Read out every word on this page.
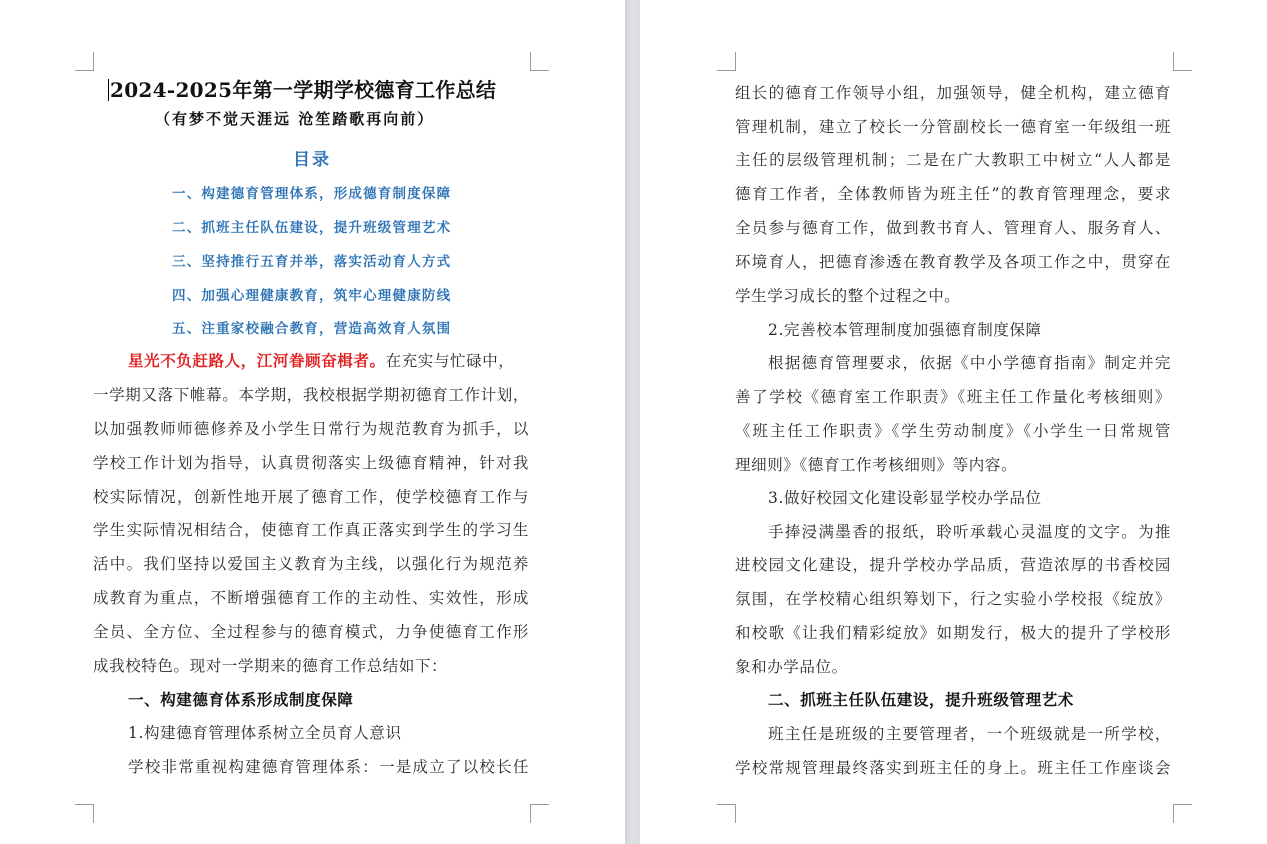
2024-2025年第一学期学校德育工作总结
（有梦不觉天涯远 沧笙踏歌再向前）
目录
一、构建德育管理体系，形成德育制度保障
二、抓班主任队伍建设，提升班级管理艺术
三、坚持推行五育并举，落实活动育人方式
四、加强心理健康教育，筑牢心理健康防线
五、注重家校融合教育，营造高效育人氛围
星光不负赶路人，江河眷顾奋楫者。在充实与忙碌中，
一学期又落下帷幕。本学期，我校根据学期初德育工作计划，
以加强教师师德修养及小学生日常行为规范教育为抓手，以
学校工作计划为指导，认真贯彻落实上级德育精神，针对我
校实际情况，创新性地开展了德育工作，使学校德育工作与
学生实际情况相结合，使德育工作真正落实到学生的学习生
活中。我们坚持以爱国主义教育为主线，以强化行为规范养
成教育为重点，不断增强德育工作的主动性、实效性，形成
全员、全方位、全过程参与的德育模式，力争使德育工作形
成我校特色。现对一学期来的德育工作总结如下：
一、构建德育体系形成制度保障
1.构建德育管理体系树立全员育人意识
学校非常重视构建德育管理体系：一是成立了以校长任
组长的德育工作领导小组，加强领导，健全机构，建立德育
管理机制，建立了校长一分管副校长一德育室一年级组一班
主任的层级管理机制；二是在广大教职工中树立“人人都是
德育工作者，全体教师皆为班主任”的教育管理理念，要求
全员参与德育工作，做到教书育人、管理育人、服务育人、
环境育人，把德育渗透在教育教学及各项工作之中，贯穿在
学生学习成长的整个过程之中。
2.完善校本管理制度加强德育制度保障
根据德育管理要求，依据《中小学德育指南》制定并完
善了学校《德育室工作职责》《班主任工作量化考核细则》
《班主任工作职责》《学生劳动制度》《小学生一日常规管
理细则》《德育工作考核细则》等内容。
3.做好校园文化建设彰显学校办学品位
手捧浸满墨香的报纸，聆听承载心灵温度的文字。为推
进校园文化建设，提升学校办学品质，营造浓厚的书香校园
氛围，在学校精心组织筹划下，行之实验小学校报《绽放》
和校歌《让我们精彩绽放》如期发行，极大的提升了学校形
象和办学品位。
二、抓班主任队伍建设，提升班级管理艺术
班主任是班级的主要管理者，一个班级就是一所学校，
学校常规管理最终落实到班主任的身上。班主任工作座谈会
